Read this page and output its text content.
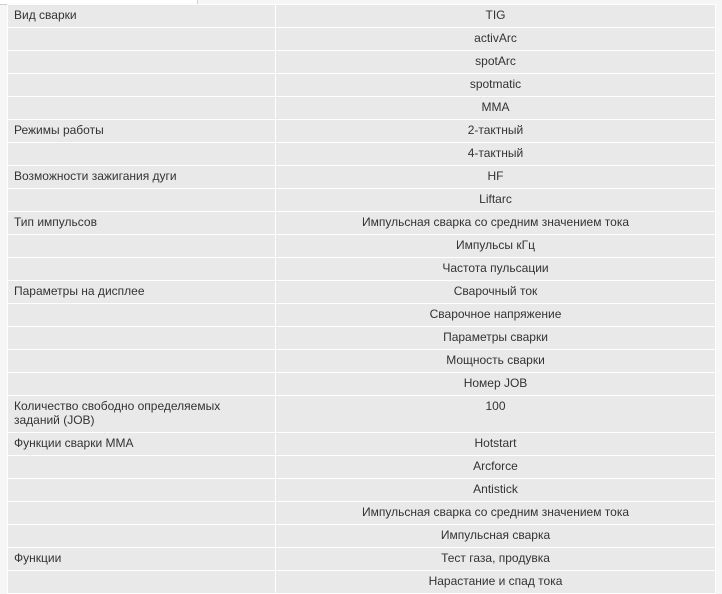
Вид сварки	TIG
	activArc
	spotArc
	spotmatic
	MMA
Режимы работы	2-тактный
	4-тактный
Возможности зажигания дуги	HF
	Liftarc
Тип импульсов	Импульсная сварка со средним значением тока
	Импульсы кГц
	Частота пульсации
Параметры на дисплее	Сварочный ток
	Сварочное напряжение
	Параметры сварки
	Мощность сварки
	Номер JOB
Количество свободно определяемых заданий (JOB)	100
Функции сварки MMA	Hotstart
	Arcforce
	Antistick
	Импульсная сварка со средним значением тока
	Импульсная сварка
Функции	Тест газа, продувка
	Нарастание и спад тока
